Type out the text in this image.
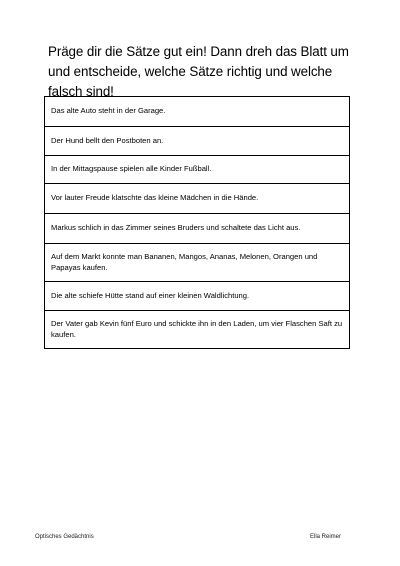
Präge dir die Sätze gut ein! Dann dreh das Blatt um und entscheide, welche Sätze richtig und welche falsch sind!
Das alte Auto steht in der Garage.
Der Hund bellt den Postboten an.
In der Mittagspause spielen alle Kinder Fußball.
Vor lauter Freude klatschte das kleine Mädchen in die Hände.
Markus schlich in das Zimmer seines Bruders und schaltete das Licht aus.
Auf dem Markt konnte man Bananen, Mangos, Ananas, Melonen, Orangen und Papayas kaufen.
Die alte schiefe Hütte stand auf einer kleinen Waldlichtung.
Der Vater gab Kevin fünf Euro und schickte ihn in den Laden, um vier Flaschen Saft zu kaufen.
Optisches Gedächtnis	Ella Reimer
